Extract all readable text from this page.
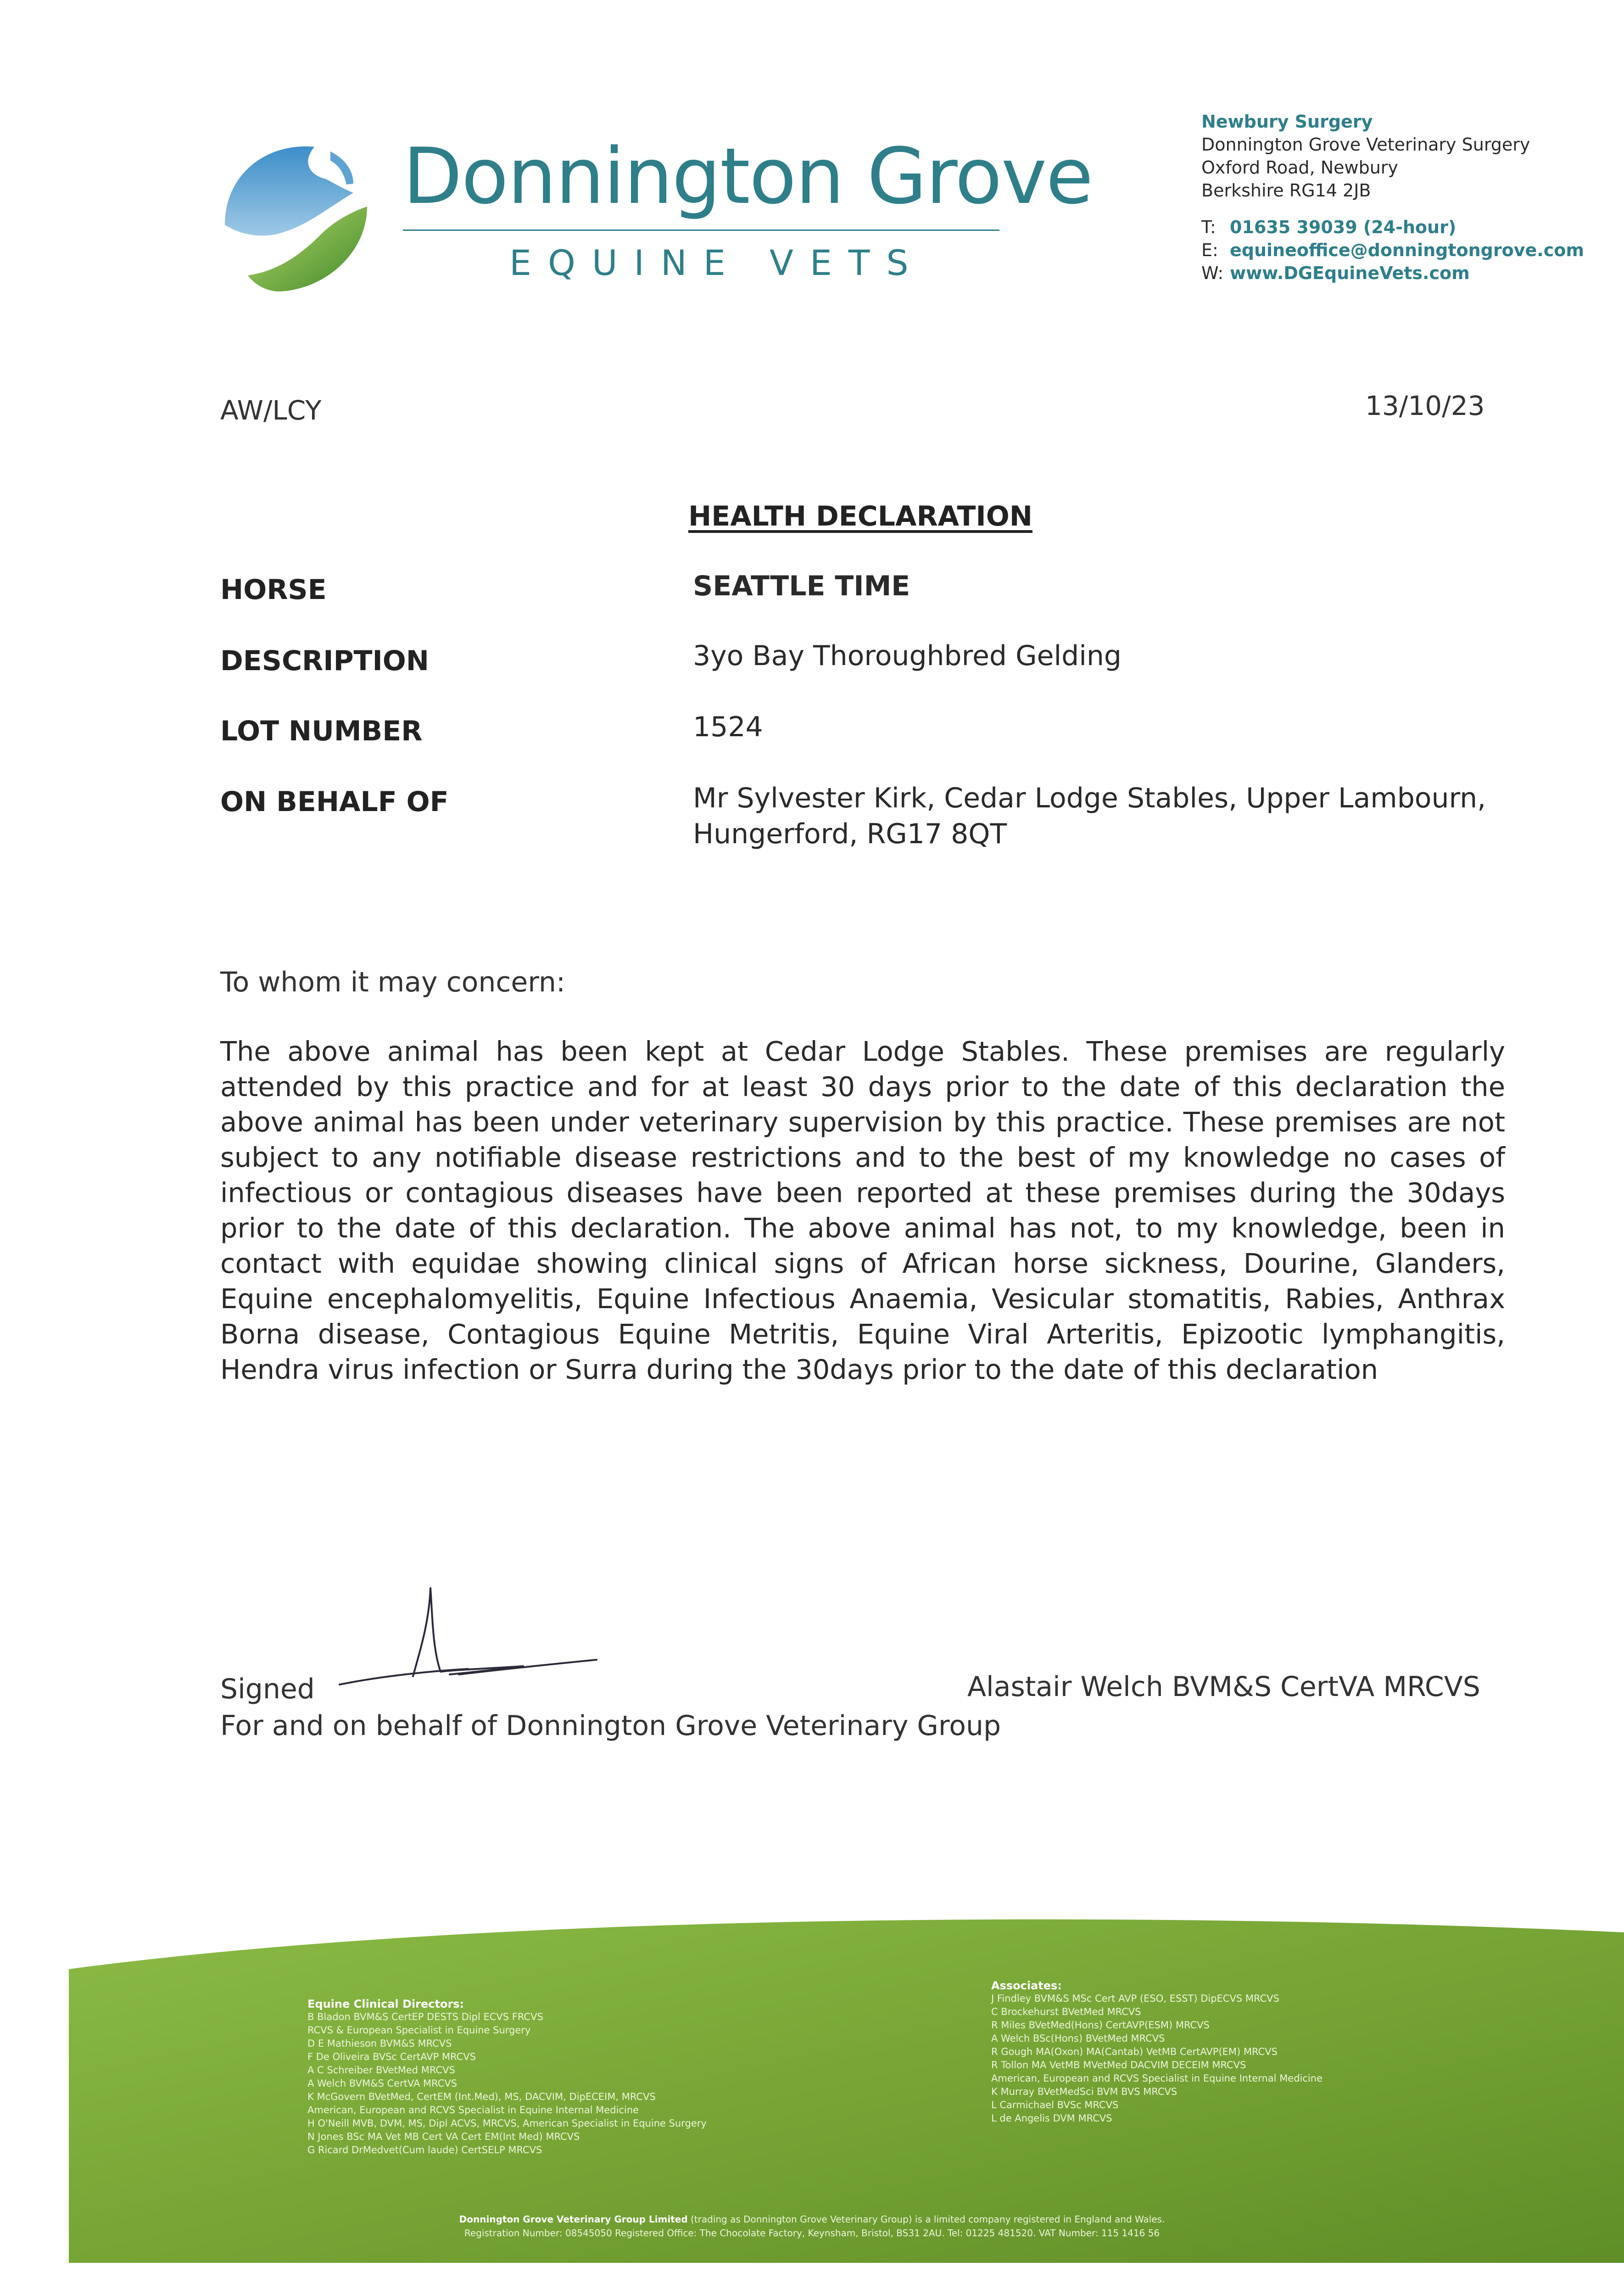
Donnington Grove
EQUINE VETS
Newbury Surgery
Donnington Grove Veterinary Surgery
Oxford Road, Newbury
Berkshire RG14 2JB
T: 01635 39039 (24-hour)
E: equineoffice@donningtongrove.com
W: www.DGEquineVets.com
AW/LCY	13/10/23
HEALTH DECLARATION
HORSE	SEATTLE TIME
DESCRIPTION	3yo Bay Thoroughbred Gelding
LOT NUMBER	1524
ON BEHALF OF	Mr Sylvester Kirk, Cedar Lodge Stables, Upper Lambourn,
Hungerford, RG17 8QT
To whom it may concern:
The above animal has been kept at Cedar Lodge Stables. These premises are regularly attended by this practice and for at least 30 days prior to the date of this declaration the above animal has been under veterinary supervision by this practice. These premises are not subject to any notifiable disease restrictions and to the best of my knowledge no cases of infectious or contagious diseases have been reported at these premises during the 30days prior to the date of this declaration. The above animal has not, to my knowledge, been in contact with equidae showing clinical signs of African horse sickness, Dourine, Glanders, Equine encephalomyelitis, Equine Infectious Anaemia, Vesicular stomatitis, Rabies, Anthrax Borna disease, Contagious Equine Metritis, Equine Viral Arteritis, Epizootic lymphangitis, Hendra virus infection or Surra during the 30days prior to the date of this declaration
Signed	Alastair Welch BVM&S CertVA MRCVS
For and on behalf of Donnington Grove Veterinary Group
Equine Clinical Directors:
B Bladon BVM&S CertEP DESTS Dipl ECVS FRCVS
RCVS & European Specialist in Equine Surgery
D E Mathieson BVM&S MRCVS
F De Oliveira BVSc CertAVP MRCVS
A C Schreiber BVetMed MRCVS
A Welch BVM&S CertVA MRCVS
K McGovern BVetMed, CertEM (Int.Med), MS, DACVIM, DipECEIM, MRCVS
American, European and RCVS Specialist in Equine Internal Medicine
H O'Neill MVB, DVM, MS, Dipl ACVS, MRCVS, American Specialist in Equine Surgery
N Jones BSc MA Vet MB Cert VA Cert EM(Int Med) MRCVS
G Ricard DrMedvet(Cum laude) CertSELP MRCVS
Associates:
J Findley BVM&S MSc Cert AVP (ESO, ESST) DipECVS MRCVS
C Brockehurst BVetMed MRCVS
R Miles BVetMed(Hons) CertAVP(ESM) MRCVS
A Welch BSc(Hons) BVetMed MRCVS
R Gough MA(Oxon) MA(Cantab) VetMB CertAVP(EM) MRCVS
R Tollon MA VetMB MVetMed DACVIM DECEIM MRCVS
American, European and RCVS Specialist in Equine Internal Medicine
K Murray BVetMedSci BVM BVS MRCVS
L Carmichael BVSc MRCVS
L de Angelis DVM MRCVS
Donnington Grove Veterinary Group Limited (trading as Donnington Grove Veterinary Group) is a limited company registered in England and Wales.
Registration Number: 08545050 Registered Office: The Chocolate Factory, Keynsham, Bristol, BS31 2AU. Tel: 01225 481520. VAT Number: 115 1416 56
